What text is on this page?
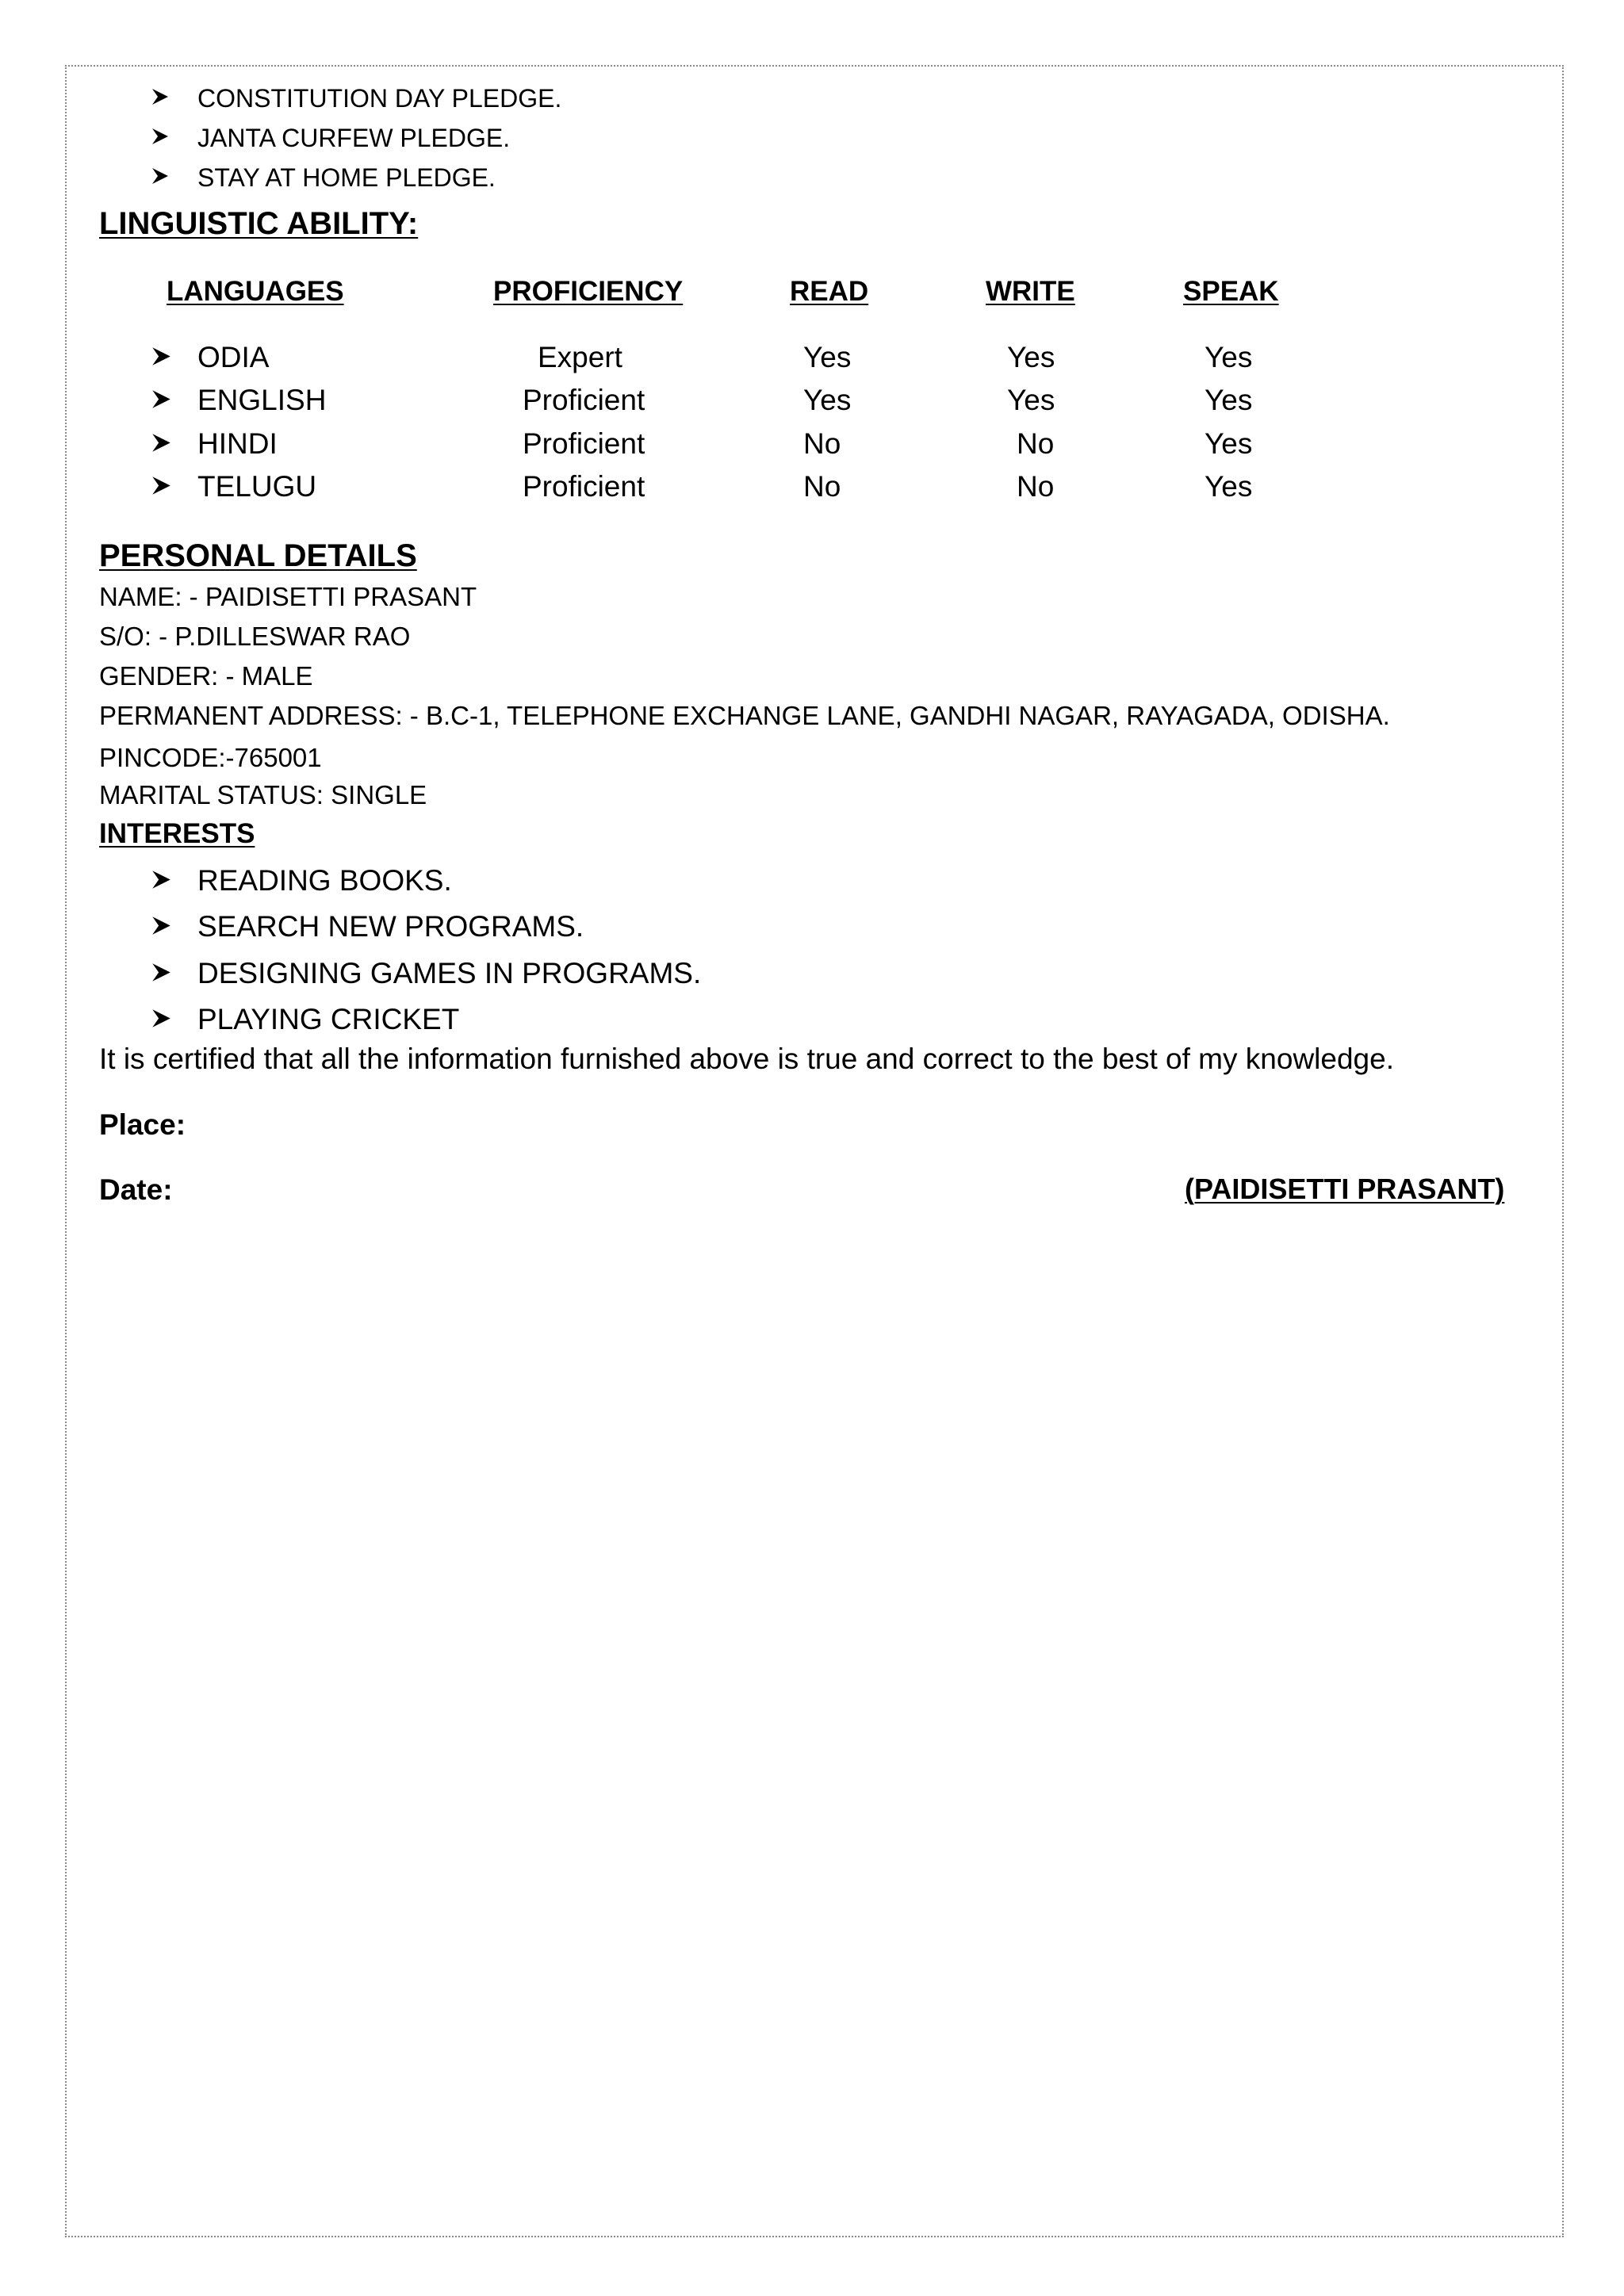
CONSTITUTION DAY PLEDGE.
JANTA CURFEW PLEDGE.
STAY AT HOME PLEDGE.
LINGUISTIC ABILITY:
LANGUAGES	PROFICIENCY	READ	WRITE	SPEAK
ODIA	Expert	Yes	Yes	Yes
ENGLISH	Proficient	Yes	Yes	Yes
HINDI	Proficient	No	No	Yes
TELUGU	Proficient	No	No	Yes
PERSONAL DETAILS
NAME: - PAIDISETTI PRASANT
S/O: - P.DILLESWAR RAO
GENDER: - MALE
PERMANENT ADDRESS: - B.C-1, TELEPHONE EXCHANGE LANE, GANDHI NAGAR, RAYAGADA, ODISHA.
PINCODE:-765001
MARITAL STATUS: SINGLE
INTERESTS
READING BOOKS.
SEARCH NEW PROGRAMS.
DESIGNING GAMES IN PROGRAMS.
PLAYING CRICKET
It is certified that all the information furnished above is true and correct to the best of my knowledge.
Place:
Date:	(PAIDISETTI PRASANT)
